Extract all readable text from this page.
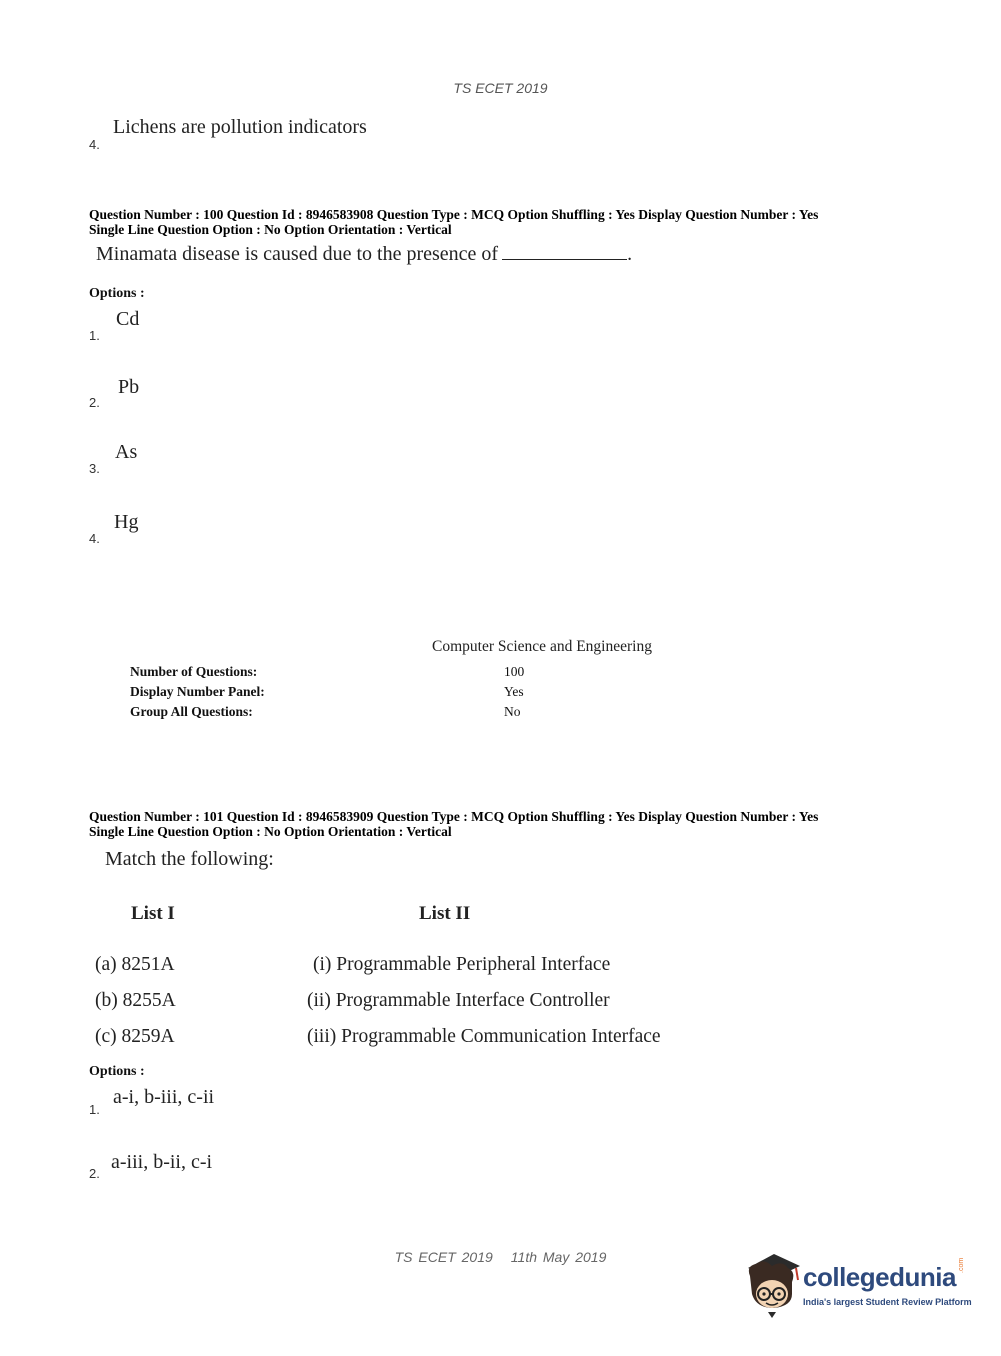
TS ECET 2019
4.
Lichens are pollution indicators
Question Number : 100 Question Id : 8946583908 Question Type : MCQ Option Shuffling : Yes Display Question Number : Yes
Single Line Question Option : No Option Orientation : Vertical
Minamata disease is caused due to the presence of	.
Options :
1.
Cd
2.
Pb
3.
As
4.
Hg
Computer Science and Engineering
Number of Questions:	100
Display Number Panel:	Yes
Group All Questions:	No
Question Number : 101 Question Id : 8946583909 Question Type : MCQ Option Shuffling : Yes Display Question Number : Yes
Single Line Question Option : No Option Orientation : Vertical
Match the following:
List I	List II
(a) 8251A	(i) Programmable Peripheral Interface
(b) 8255A	(ii) Programmable Interface Controller
(c) 8259A	(iii) Programmable Communication Interface
Options :
1.
a-i, b-iii, c-ii
2.
a-iii, b-ii, c-i
TS ECET 2019 11th May 2019
collegedunia .com
India's largest Student Review Platform
